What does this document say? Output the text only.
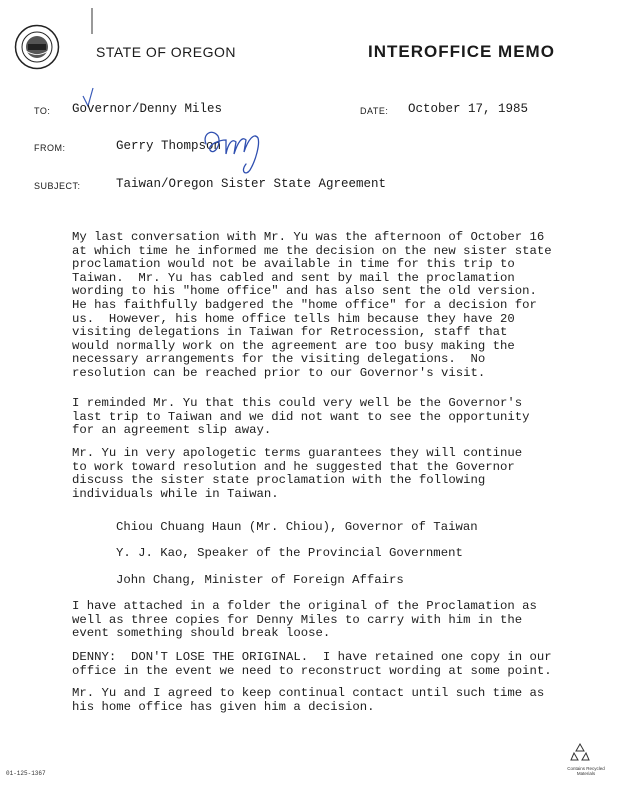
STATE OF OREGON	INTEROFFICE MEMO
TO: Governor/Denny Miles	DATE: October 17, 1985
FROM:	Gerry Thompson
SUBJECT:	Taiwan/Oregon Sister State Agreement
My last conversation with Mr. Yu was the afternoon of October 16
at which time he informed me the decision on the new sister state
proclamation would not be available in time for this trip to
Taiwan.  Mr. Yu has cabled and sent by mail the proclamation
wording to his "home office" and has also sent the old version.
He has faithfully badgered the "home office" for a decision for
us.  However, his home office tells him because they have 20
visiting delegations in Taiwan for Retrocession, staff that
would normally work on the agreement are too busy making the
necessary arrangements for the visiting delegations.  No
resolution can be reached prior to our Governor's visit.
I reminded Mr. Yu that this could very well be the Governor's
last trip to Taiwan and we did not want to see the opportunity
for an agreement slip away.
Mr. Yu in very apologetic terms guarantees they will continue
to work toward resolution and he suggested that the Governor
discuss the sister state proclamation with the following
individuals while in Taiwan.
Chiou Chuang Haun (Mr. Chiou), Governor of Taiwan
Y. J. Kao, Speaker of the Provincial Government
John Chang, Minister of Foreign Affairs
I have attached in a folder the original of the Proclamation as
well as three copies for Denny Miles to carry with him in the
event something should break loose.
DENNY:  DON'T LOSE THE ORIGINAL.  I have retained one copy in our
office in the event we need to reconstruct wording at some point.
Mr. Yu and I agreed to keep continual contact until such time as
his home office has given him a decision.
01-125-1367
Contains Recycled Materials
